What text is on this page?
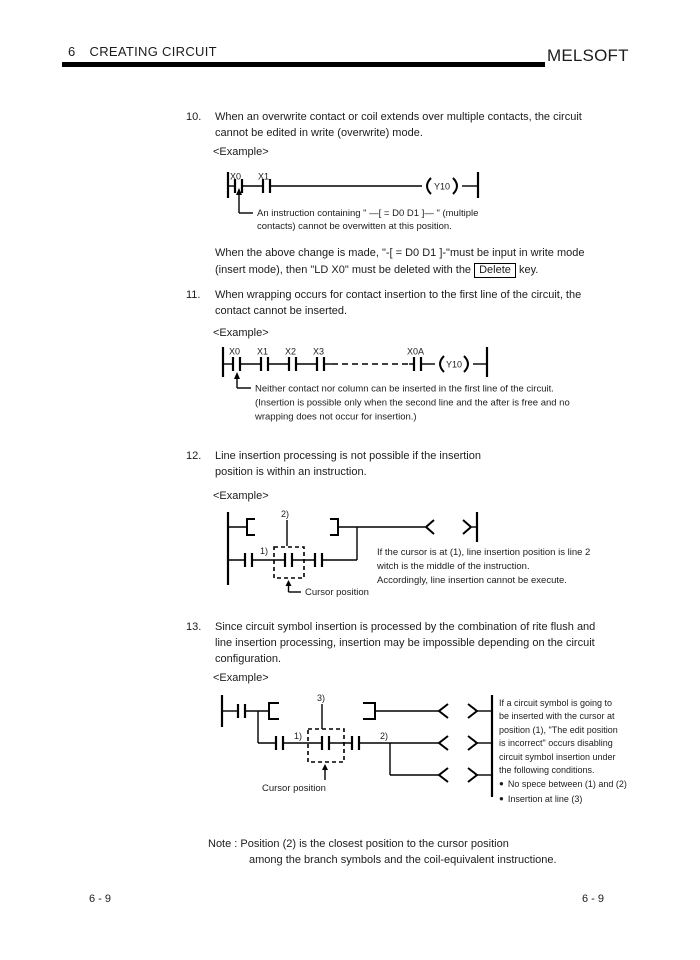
6 CREATING CIRCUIT	MELSOFT
10.	When an overwrite contact or coil extends over multiple contacts, the circuit
cannot be edited in write (overwrite) mode.
<Example>
X0 X1
Y10
An instruction containing " —[ = D0 D1 ]— " (multiple
contacts) cannot be overwitten at this position.
When the above change is made, "-[ = D0 D1 ]-"must be input in write mode
(insert mode), then "LD X0" must be deleted with the Delete key.
11.	When wrapping occurs for contact insertion to the first line of the circuit, the
contact cannot be inserted.
<Example>
X0 X1 X2 X3	X0A
Y10
Neither contact nor column can be inserted in the first line of the circuit.
(Insertion is possible only when the second line and the after is free and no
wrapping does not occur for insertion.)
12.	Line insertion processing is not possible if the insertion
position is within an instruction.
<Example>
2)
1)
Cursor position
If the cursor is at (1), line insertion position is line 2
witch is the middle of the instruction.
Accordingly, line insertion cannot be execute.
13.	Since circuit symbol insertion is processed by the combination of rite flush and
line insertion processing, insertion may be impossible depending on the circuit
configuration.
<Example>
3)
1)	2)
Cursor position
If a circuit symbol is going to
be inserted with the cursor at
position (1), "The edit position
is incorrect" occurs disabling
circuit symbol insertion under
the following conditions.
● No spece between (1) and (2)
● Insertion at line (3)
Note : Position (2) is the closest position to the cursor position
among the branch symbols and the coil-equivalent instructione.
6 - 9	6 - 9
